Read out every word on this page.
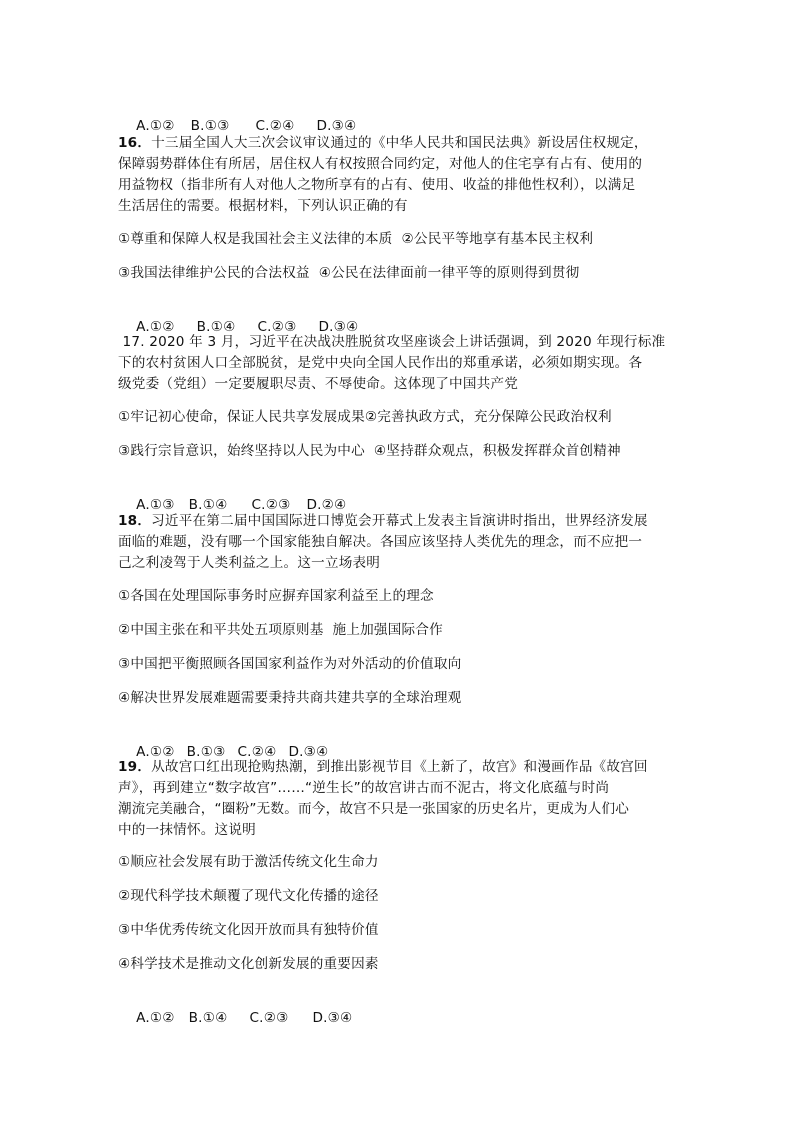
A.①② B.①③ C.②④ D.③④

16．十三届全国人大三次会议审议通过的《中华人民共和国民法典》新设居住权规定，
保障弱势群体住有所居，居住权人有权按照合同约定，对他人的住宅享有占有、使用的
用益物权（指非所有人对他人之物所享有的占有、使用、收益的排他性权利），以满足
生活居住的需要。根据材料，下列认识正确的有
①尊重和保障人权是我国社会主义法律的本质  ②公民平等地享有基本民主权利
③我国法律维护公民的合法权益  ④公民在法律面前一律平等的原则得到贯彻

A.①② B.①④ C.②③ D.③④

17. 2020 年 3 月，习近平在决战决胜脱贫攻坚座谈会上讲话强调，到 2020 年现行标准
下的农村贫困人口全部脱贫，是党中央向全国人民作出的郑重承诺，必须如期实现。各
级党委（党组）一定要履职尽责、不辱使命。这体现了中国共产党
①牢记初心使命，保证人民共享发展成果②完善执政方式，充分保障公民政治权利
③践行宗旨意识，始终坚持以人民为中心  ④坚持群众观点，积极发挥群众首创精神

A.①③ B.①④ C.②③ D.②④

18．习近平在第二届中国国际进口博览会开幕式上发表主旨演讲时指出，世界经济发展
面临的难题，没有哪一个国家能独自解决。各国应该坚持人类优先的理念，而不应把一
己之利凌驾于人类利益之上。这一立场表明
①各国在处理国际事务时应摒弃国家利益至上的理念
②中国主张在和平共处五项原则基  施上加强国际合作
③中国把平衡照顾各国国家利益作为对外活动的价值取向
④解决世界发展难题需要秉持共商共建共享的全球治理观

A.①② B.①③ C.②④ D.③④

19．从故宫口红出现抢购热潮，到推出影视节目《上新了，故宫》和漫画作品《故宫回
声》，再到建立“数字故宫”……“逆生长”的故宫讲古而不泥古，将文化底蕴与时尚
潮流完美融合，“圈粉”无数。而今，故宫不只是一张国家的历史名片，更成为人们心
中的一抹情怀。这说明
①顺应社会发展有助于激活传统文化生命力
②现代科学技术颠覆了现代文化传播的途径
③中华优秀传统文化因开放而具有独特价值
④科学技术是推动文化创新发展的重要因素

A.①② B.①④ C.②③ D.③④
